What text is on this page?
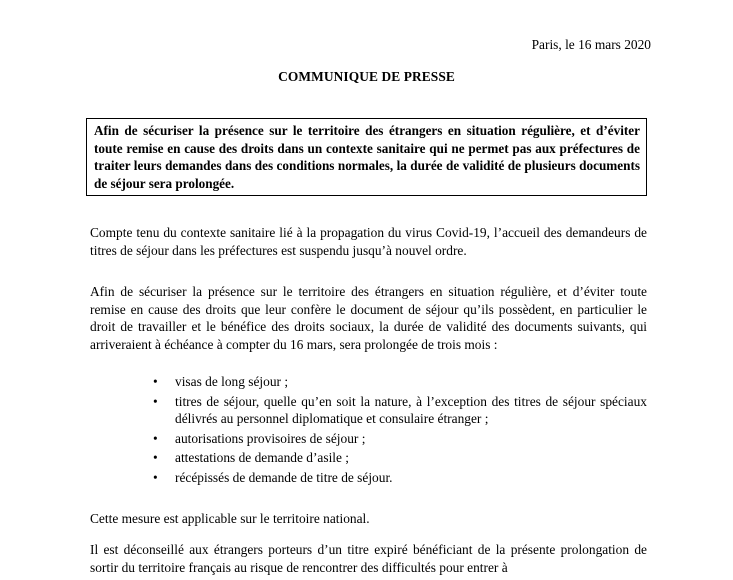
Paris, le 16 mars 2020
COMMUNIQUE DE PRESSE
Afin de sécuriser la présence sur le territoire des étrangers en situation régulière, et d’éviter toute remise en cause des droits dans un contexte sanitaire qui ne permet pas aux préfectures de traiter leurs demandes dans des conditions normales, la durée de validité de plusieurs documents de séjour sera prolongée.

Compte tenu du contexte sanitaire lié à la propagation du virus Covid-19, l’accueil des demandeurs de titres de séjour dans les préfectures est suspendu jusqu’à nouvel ordre.

Afin de sécuriser la présence sur le territoire des étrangers en situation régulière, et d’éviter toute remise en cause des droits que leur confère le document de séjour qu’ils possèdent, en particulier le droit de travailler et le bénéfice des droits sociaux, la durée de validité des documents suivants, qui arriveraient à échéance à compter du 16 mars, sera prolongée de trois mois :

• visas de long séjour ;
• titres de séjour, quelle qu’en soit la nature, à l’exception des titres de séjour spéciaux délivrés au personnel diplomatique et consulaire étranger ;
• autorisations provisoires de séjour ;
• attestations de demande d’asile ;
• récépissés de demande de titre de séjour.

Cette mesure est applicable sur le territoire national.

Il est déconseillé aux étrangers porteurs d’un titre expiré bénéficiant de la présente prolongation de sortir du territoire français au risque de rencontrer des difficultés pour entrer à
